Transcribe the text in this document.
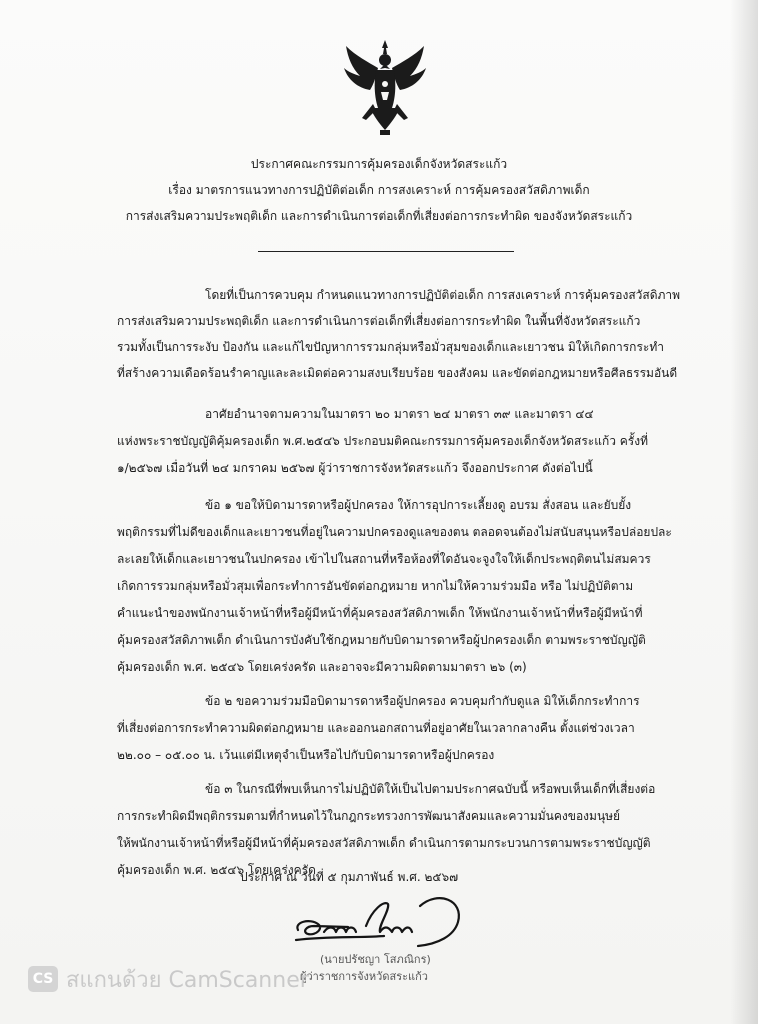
ประกาศคณะกรรมการคุ้มครองเด็กจังหวัดสระแก้ว
เรื่อง มาตรการแนวทางการปฏิบัติต่อเด็ก การสงเคราะห์ การคุ้มครองสวัสดิภาพเด็ก
การส่งเสริมความประพฤติเด็ก และการดำเนินการต่อเด็กที่เสี่ยงต่อการกระทำผิด ของจังหวัดสระแก้ว
โดยที่เป็นการควบคุม กำหนดแนวทางการปฏิบัติต่อเด็ก การสงเคราะห์ การคุ้มครองสวัสดิภาพ
การส่งเสริมความประพฤติเด็ก และการดำเนินการต่อเด็กที่เสี่ยงต่อการกระทำผิด ในพื้นที่จังหวัดสระแก้ว
รวมทั้งเป็นการระงับ ป้องกัน และแก้ไขปัญหาการรวมกลุ่มหรือมั่วสุมของเด็กและเยาวชน มิให้เกิดการกระทำ
ที่สร้างความเดือดร้อนรำคาญและละเมิดต่อความสงบเรียบร้อย ของสังคม และขัดต่อกฎหมายหรือศีลธรรมอันดี
อาศัยอำนาจตามความในมาตรา ๒๐ มาตรา ๒๔ มาตรา ๓๙ และมาตรา ๔๔
แห่งพระราชบัญญัติคุ้มครองเด็ก พ.ศ.๒๕๔๖ ประกอบมติคณะกรรมการคุ้มครองเด็กจังหวัดสระแก้ว ครั้งที่
๑/๒๕๖๗ เมื่อวันที่ ๒๔ มกราคม ๒๕๖๗ ผู้ว่าราชการจังหวัดสระแก้ว จึงออกประกาศ ดังต่อไปนี้
ข้อ ๑ ขอให้บิดามารดาหรือผู้ปกครอง ให้การอุปการะเลี้ยงดู อบรม สั่งสอน และยับยั้ง
พฤติกรรมที่ไม่ดีของเด็กและเยาวชนที่อยู่ในความปกครองดูแลของตน ตลอดจนต้องไม่สนับสนุนหรือปล่อยปละ
ละเลยให้เด็กและเยาวชนในปกครอง เข้าไปในสถานที่หรือห้องที่ใดอันจะจูงใจให้เด็กประพฤติตนไม่สมควร
เกิดการรวมกลุ่มหรือมั่วสุมเพื่อกระทำการอันขัดต่อกฎหมาย หากไม่ให้ความร่วมมือ หรือ ไม่ปฏิบัติตาม
คำแนะนำของพนักงานเจ้าหน้าที่หรือผู้มีหน้าที่คุ้มครองสวัสดิภาพเด็ก ให้พนักงานเจ้าหน้าที่หรือผู้มีหน้าที่
คุ้มครองสวัสดิภาพเด็ก ดำเนินการบังคับใช้กฎหมายกับบิดามารดาหรือผู้ปกครองเด็ก ตามพระราชบัญญัติ
คุ้มครองเด็ก พ.ศ. ๒๕๔๖ โดยเคร่งครัด และอาจจะมีความผิดตามมาตรา ๒๖ (๓)
ข้อ ๒ ขอความร่วมมือบิดามารดาหรือผู้ปกครอง ควบคุมกำกับดูแล มิให้เด็กกระทำการ
ที่เสี่ยงต่อการกระทำความผิดต่อกฎหมาย และออกนอกสถานที่อยู่อาศัยในเวลากลางคืน ตั้งแต่ช่วงเวลา
๒๒.๐๐ – ๐๕.๐๐ น. เว้นแต่มีเหตุจำเป็นหรือไปกับบิดามารดาหรือผู้ปกครอง
ข้อ ๓ ในกรณีที่พบเห็นการไม่ปฏิบัติให้เป็นไปตามประกาศฉบับนี้ หรือพบเห็นเด็กที่เสี่ยงต่อ
การกระทำผิดมีพฤติกรรมตามที่กำหนดไว้ในกฎกระทรวงการพัฒนาสังคมและความมั่นคงของมนุษย์
ให้พนักงานเจ้าหน้าที่หรือผู้มีหน้าที่คุ้มครองสวัสดิภาพเด็ก ดำเนินการตามกระบวนการตามพระราชบัญญัติ
คุ้มครองเด็ก พ.ศ. ๒๕๔๖ โดยเคร่งครัด
ประกาศ ณ วันที่ ๕ กุมภาพันธ์ พ.ศ. ๒๕๖๗
(นายปรัชญา โสภณิกร)
ผู้ว่าราชการจังหวัดสระแก้ว
CS สแกนด้วย CamScanner
